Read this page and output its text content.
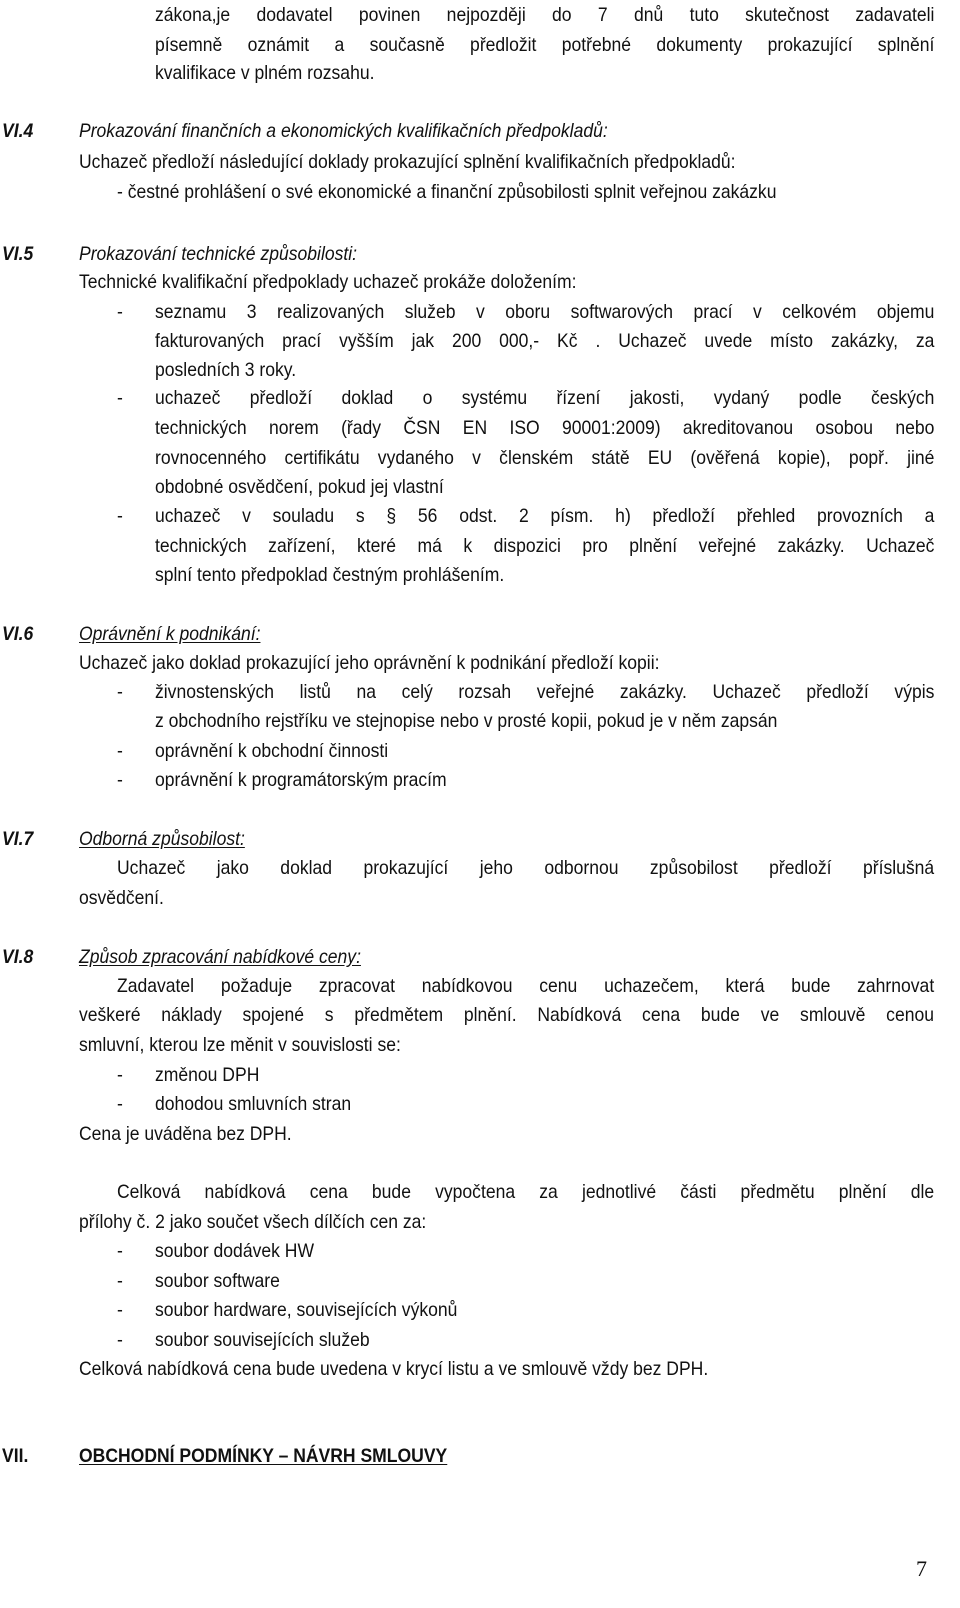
zákona,je dodavatel povinen nejpozději do 7 dnů tuto skutečnost zadavateli
písemně oznámit a současně předložit potřebné dokumenty prokazující splnění
kvalifikace v plném rozsahu.
VI.4 Prokazování finančních a ekonomických kvalifikačních předpokladů:
Uchazeč předloží následující doklady prokazující splnění kvalifikačních předpokladů:
- čestné prohlášení o své ekonomické a finanční způsobilosti splnit veřejnou zakázku
VI.5 Prokazování technické způsobilosti:
Technické kvalifikační předpoklady uchazeč prokáže doložením:
- seznamu 3 realizovaných služeb v oboru softwarových prací v celkovém objemu
fakturovaných prací vyšším jak 200 000,- Kč . Uchazeč uvede místo zakázky, za
posledních 3 roky.
- uchazeč předloží doklad o systému řízení jakosti, vydaný podle českých
technických norem (řady ČSN EN ISO 90001:2009) akreditovanou osobou nebo
rovnocenného certifikátu vydaného v členském státě EU (ověřená kopie), popř. jiné
obdobné osvědčení, pokud jej vlastní
- uchazeč v souladu s § 56 odst. 2 písm. h) předloží přehled provozních a
technických zařízení, které má k dispozici pro plnění veřejné zakázky. Uchazeč
splní tento předpoklad čestným prohlášením.
VI.6 Oprávnění k podnikání:
Uchazeč jako doklad prokazující jeho oprávnění k podnikání předloží kopii:
- živnostenských listů na celý rozsah veřejné zakázky. Uchazeč předloží výpis
z obchodního rejstříku ve stejnopise nebo v prosté kopii, pokud je v něm zapsán
- oprávnění k obchodní činnosti
- oprávnění k programátorským pracím
VI.7 Odborná způsobilost:
Uchazeč jako doklad prokazující jeho odbornou způsobilost předloží příslušná
osvědčení.
VI.8 Způsob zpracování nabídkové ceny:
Zadavatel požaduje zpracovat nabídkovou cenu uchazečem, která bude zahrnovat
veškeré náklady spojené s předmětem plnění. Nabídková cena bude ve smlouvě cenou
smluvní, kterou lze měnit v souvislosti se:
- změnou DPH
- dohodou smluvních stran
Cena je uváděna bez DPH.
Celková nabídková cena bude vypočtena za jednotlivé části předmětu plnění dle
přílohy č. 2 jako součet všech dílčích cen za:
- soubor dodávek HW
- soubor software
- soubor hardware, souvisejících výkonů
- soubor souvisejících služeb
Celková nabídková cena bude uvedena v krycí listu a ve smlouvě vždy bez DPH.
VII.	OBCHODNÍ PODMÍNKY – NÁVRH SMLOUVY
7
